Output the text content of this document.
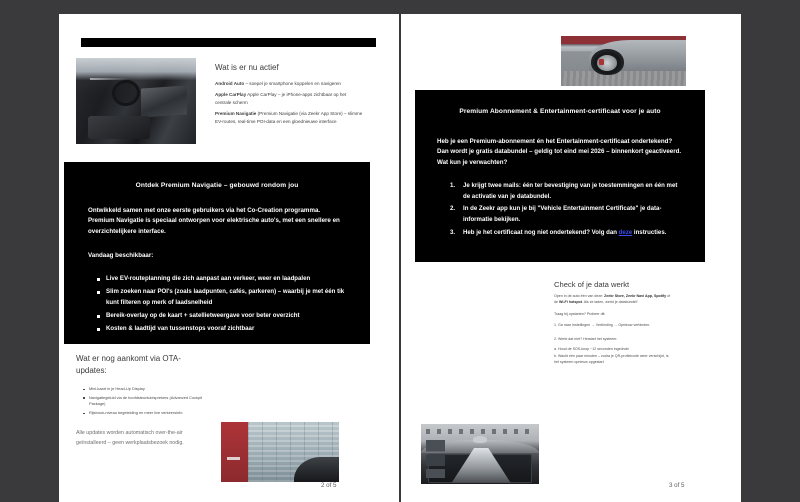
Wat is er nu actief
Android Auto – soepel je smartphone koppelen en navigeren
Apple CarPlay Apple CarPlay – je iPhone-apps zichtbaar op het centrale scherm
Premium Navigatie (Premium Navigatie (via Zeekr App Store) – slimme EV-routes, real-time POI-data en een gloednieuwe interface
Ontdek Premium Navigatie – gebouwd rondom jou
Ontwikkeld samen met onze eerste gebruikers via het Co-Creation programma. Premium Navigatie is speciaal ontworpen voor elektrische auto's, met een snellere en overzichtelijkere interface.
Vandaag beschikbaar:
Live EV-routeplanning die zich aanpast aan verkeer, weer en laadpalen
Slim zoeken naar POI's (zoals laadpunten, cafés, parkeren) – waarbij je met één tik kunt filteren op merk of laadsnelheid
Bereik-overlay op de kaart + satellietweergave voor beter overzicht
Kosten & laadtijd van tussenstops vooraf zichtbaar
Wat er nog aankomt via OTA-updates:
Mini-kaart in je Head-Up Display
Navigatiegeluid via de hoofdsteunluidsprekers (Advanced Cockpit Package)
Rijstrook-niveau begeleiding en meer live verkeersinfo
Alle updates worden automatisch over-the-air geïnstalleerd – geen werkplaatsbezoek nodig.
2 of 5
Premium Abonnement & Entertainment-certificaat voor je auto
Heb je een Premium-abonnement én het Entertainment-certificaat ondertekend? Dan wordt je gratis databundel – geldig tot eind mei 2026 – binnenkort geactiveerd.
Wat kun je verwachten?
Je krijgt twee mails: één ter bevestiging van je toestemmingen en één met de activatie van je databundel.
In de Zeekr app kun je bij "Vehicle Entertainment Certificate" je data-informatie bekijken.
Heb je het certificaat nog niet ondertekend? Volg dan deze instructies.
Check of je data werkt
Open in de auto één van deze: Zeekr Store, Zeekr Navi App, Spotify of de Wi-Fi hotspot. Als ze laden, werkt je databundel!
Traag bij opstarten? Probeer dit:
1. Ga naar Instellingen → Verbinding → Opnieuw verbinden.
2. Werkt dat niet? Herstart het systeem:
a. Houd de SOS-knop ~12 seconden ingedrukt
b. Wacht één paar minuten – zodra je QR-profielcode weer verschijnt, is het systeem opnieuw opgestart
3 of 5
